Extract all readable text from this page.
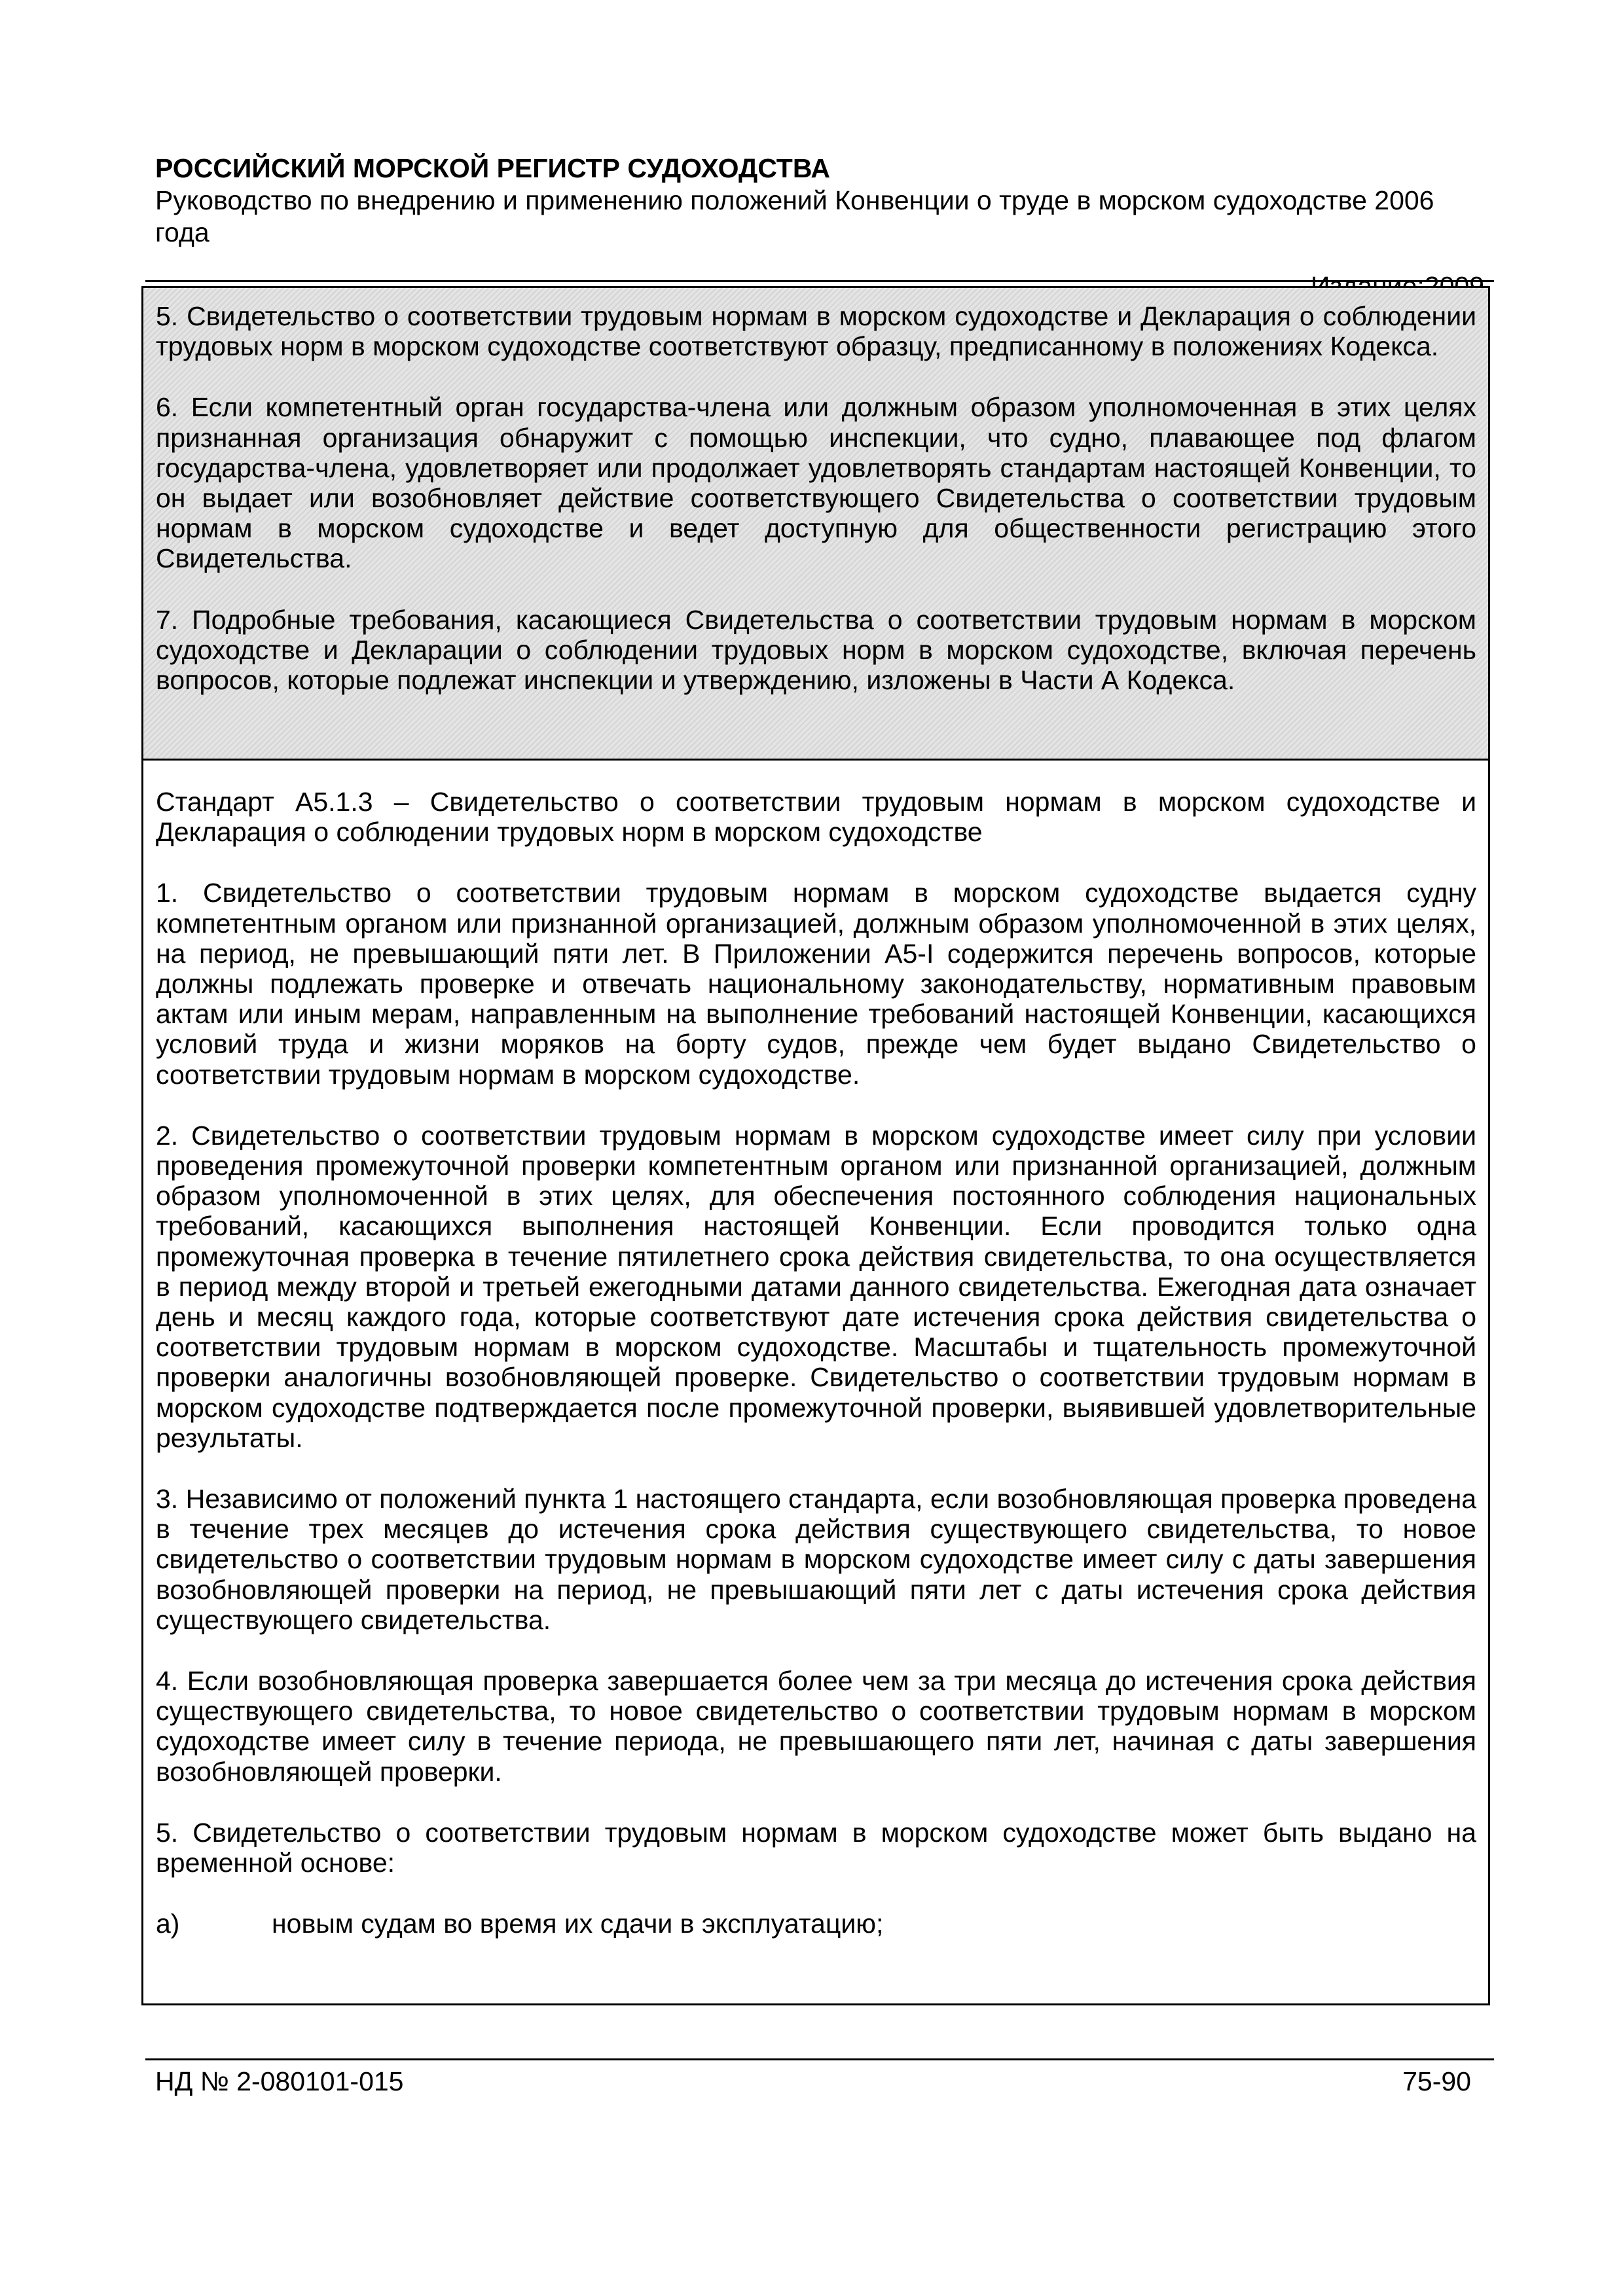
РОССИЙСКИЙ МОРСКОЙ РЕГИСТР СУДОХОДСТВА

Руководство по внедрению и применению положений Конвенции о труде в морском судоходстве 2006 года

5. Свидетельство о соответствии трудовым нормам в морском судоходстве и Декларация о соблюдении трудовых норм в морском судоходстве соответствуют образцу, предписанному в положениях Кодекса.

6. Если компетентный орган государства-члена или должным образом уполномоченная в этих целях признанная организация обнаружит с помощью инспекции, что судно, плавающее под флагом государства-члена, удовлетворяет или продолжает удовлетворять стандартам настоящей Конвенции, то он выдает или возобновляет действие соответствующего Свидетельства о соответствии трудовым нормам в морском судоходстве и ведет доступную для общественности регистрацию этого Свидетельства.

7. Подробные требования, касающиеся Свидетельства о соответствии трудовым нормам в морском судоходстве и Декларации о соблюдении трудовых норм в морском судоходстве, включая перечень вопросов, которые подлежат инспекции и утверждению, изложены в Части А Кодекса.

Стандарт А5.1.3 – Свидетельство о соответствии трудовым нормам в морском судоходстве и Декларация о соблюдении трудовых норм в морском судоходстве

1. Свидетельство о соответствии трудовым нормам в морском судоходстве выдается судну компетентным органом или признанной организацией, должным образом уполномоченной в этих целях, на период, не превышающий пяти лет. В Приложении А5-I содержится перечень вопросов, которые должны подлежать проверке и отвечать национальному законодательству, нормативным правовым актам или иным мерам, направленным на выполнение требований настоящей Конвенции, касающихся условий труда и жизни моряков на борту судов, прежде чем будет выдано Свидетельство о соответствии трудовым нормам в морском судоходстве.

2. Свидетельство о соответствии трудовым нормам в морском судоходстве имеет силу при условии проведения промежуточной проверки компетентным органом или признанной организацией, должным образом уполномоченной в этих целях, для обеспечения постоянного соблюдения национальных требований, касающихся выполнения настоящей Конвенции. Если проводится только одна промежуточная проверка в течение пятилетнего срока действия свидетельства, то она осуществляется в период между второй и третьей ежегодными датами данного свидетельства. Ежегодная дата означает день и месяц каждого года, которые соответствуют дате истечения срока действия свидетельства о соответствии трудовым нормам в морском судоходстве. Масштабы и тщательность промежуточной проверки аналогичны возобновляющей проверке. Свидетельство о соответствии трудовым нормам в морском судоходстве подтверждается после промежуточной проверки, выявившей удовлетворительные результаты.

3. Независимо от положений пункта 1 настоящего стандарта, если возобновляющая проверка проведена в течение трех месяцев до истечения срока действия существующего свидетельства, то новое свидетельство о соответствии трудовым нормам в морском судоходстве имеет силу с даты завершения возобновляющей проверки на период, не превышающий пяти лет с даты истечения срока действия существующего свидетельства.

4. Если возобновляющая проверка завершается более чем за три месяца до истечения срока действия существующего свидетельства, то новое свидетельство о соответствии трудовым нормам в морском судоходстве имеет силу в течение периода, не превышающего пяти лет, начиная с даты завершения возобновляющей проверки.

5. Свидетельство о соответствии трудовым нормам в морском судоходстве может быть выдано на временной основе:

a)	новым судам во время их сдачи в эксплуатацию;
НД № 2-080101-015	75-90
